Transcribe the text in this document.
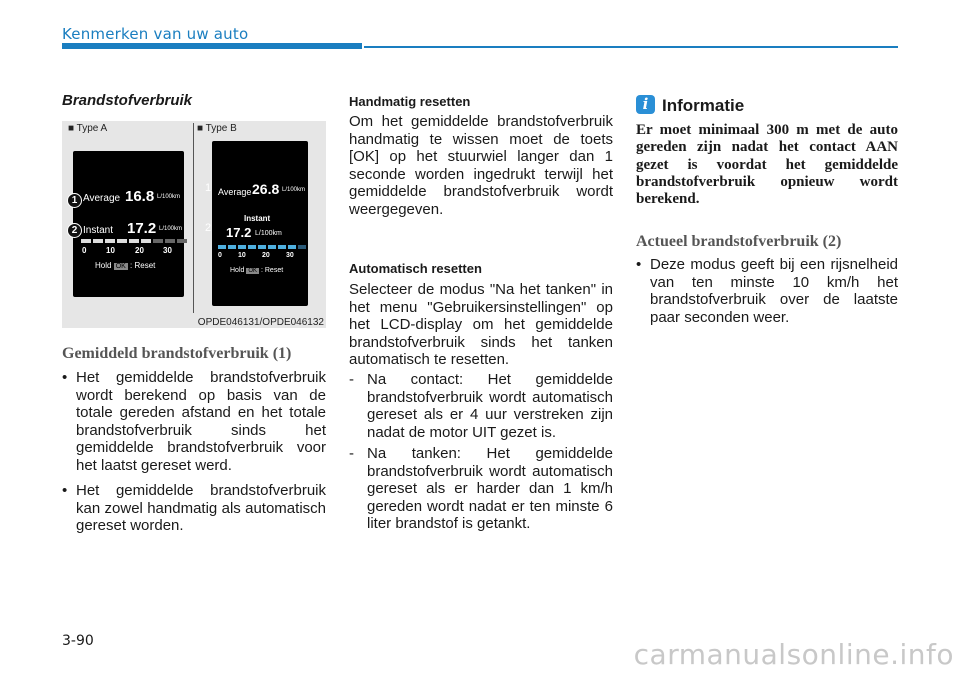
Kenmerken van uw auto
Brandstofverbruik
■ Type A	■ Type B
Average 16.8 L/100km
Instant 17.2 L/100km
0 10	20 30
Hold OK : Reset
1
2
Average 26.8 L/100km
Instant
17.2 L/100km
0 10 20 30
Hold OK : Reset
1
2
OPDE046131/OPDE046132
Gemiddeld brandstofverbruik (1)
• Het gemiddelde brandstofverbruik wordt berekend op basis van de totale gereden afstand en het totale brandstofverbruik sinds het gemiddelde brandstofverbruik voor het laatst gereset werd.
• Het gemiddelde brandstofverbruik kan zowel handmatig als automatisch gereset worden.
Handmatig resetten
Om het gemiddelde brandstofverbruik handmatig te wissen moet de toets [OK] op het stuurwiel langer dan 1 seconde worden ingedrukt terwijl het gemiddelde brandstofverbruik wordt weergegeven.
Automatisch resetten
Selecteer de modus "Na het tanken" in het menu "Gebruikersinstellingen" op het LCD-display om het gemiddelde brandstofverbruik sinds het tanken automatisch te resetten.
- Na contact: Het gemiddelde brandstofverbruik wordt automatisch gereset als er 4 uur verstreken zijn nadat de motor UIT gezet is.
- Na tanken: Het gemiddelde brandstofverbruik wordt automatisch gereset als er harder dan 1 km/h gereden wordt nadat er ten minste 6 liter brandstof is getankt.
i Informatie
Er moet minimaal 300 m met de auto gereden zijn nadat het contact AAN gezet is voordat het gemiddelde brandstofverbruik opnieuw wordt berekend.
Actueel brandstofverbruik (2)
• Deze modus geeft bij een rijsnelheid van ten minste 10 km/h het brandstofverbruik over de laatste paar seconden weer.
3-90	carmanualsonline.info
